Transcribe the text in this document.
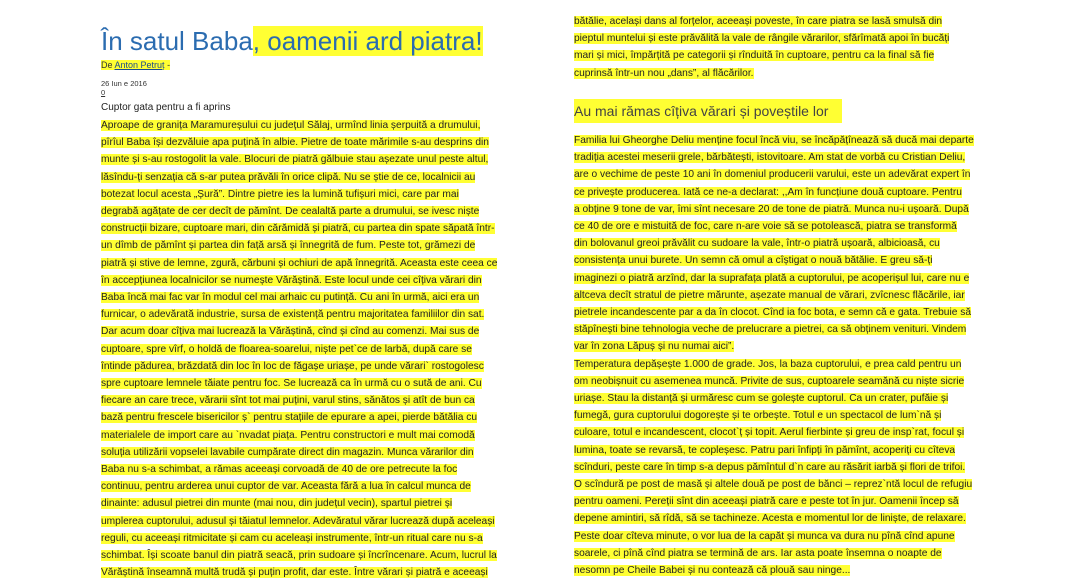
În satul Baba, oamenii ard piatra!
De Anton Petruț -
26 Iun e 2016
0
Cuptor gata pentru a fi aprins
Aproape de granița Maramureșului cu județul Sălaj, urmînd linia șerpuită a drumului,
pîrîul Baba își dezvăluie apa puțină în albie. Pietre de toate mărimile s-au desprins din
munte și s-au rostogolit la vale. Blocuri de piatră gălbuie stau așezate unul peste altul,
lăsîndu-ți senzația că s-ar putea prăvăli în orice clipă. Nu se știe de ce, localnicii au
botezat locul acesta „Șură”. Dintre pietre ies la lumină tufișuri mici, care par mai
degrabă agățate de cer decît de pămînt. De cealaltă parte a drumului, se ivesc niște
construcții bizare, cuptoare mari, din cărămidă și piatră, cu partea din spate săpată într-
un dîmb de pămînt și partea din față arsă și înnegrită de fum. Peste tot, grămezi de
piatră și stive de lemne, zgură, cărbuni și ochiuri de apă înnegrită. Aceasta este ceea ce
în accepțiunea localnicilor se numește Vărăștină. Este locul unde cei cîțiva vărari din
Baba încă mai fac var în modul cel mai arhaic cu putință. Cu ani în urmă, aici era un
furnicar, o adevărată industrie, sursa de existență pentru majoritatea familiilor din sat.
Dar acum doar cîțiva mai lucrează la Vărăștină, cînd și cînd au comenzi. Mai sus de
cuptoare, spre vîrf, o holdă de floarea-soarelui, niște pet`ce de larbă, după care se
întinde pădurea, brăzdată din loc în loc de făgașe uriașe, pe unde vărari` rostogolesc
spre cuptoare lemnele tăiate pentru foc. Se lucrează ca în urmă cu o sută de ani. Cu
fiecare an care trece, vărarii sînt tot mai puțini, varul stins, sănătos și atît de bun ca
bază pentru frescele bisericilor ș` pentru stațiile de epurare a apei, pierde bătălia cu
materialele de import care au `nvadat piața. Pentru constructori e mult mai comodă
soluția utilizării vopselei lavabile cumpărate direct din magazin. Munca vărarilor din
Baba nu s-a schimbat, a rămas aceeași corvoadă de 40 de ore petrecute la foc
continuu, pentru arderea unui cuptor de var. Aceasta fără a lua în calcul munca de
dinainte: adusul pietrei din munte (mai nou, din județul vecin), spartul pietrei și
umplerea cuptorului, adusul și tăiatul lemnelor. Adevăratul vărar lucrează după aceleași
reguli, cu aceeași ritmicitate și cam cu aceleași instrumente, într-un ritual care nu s-a
schimbat. Își scoate banul din piatră seacă, prin sudoare și încrîncenare. Acum, lucrul la
Vărăștină înseamnă multă trudă și puțin profit, dar este. Între vărari și piatră e aceeași
bătălie, același dans al forțelor, aceeași poveste, în care piatra se lasă smulsă din
pieptul muntelui și este prăvălită la vale de rângile vărarilor, sfărîmată apoi în bucăți
mari și mici, împărțită pe categorii și rînduită în cuptoare, pentru ca la final să fie
cuprinsă într-un nou „dans”, al flăcărilor.
Au mai rămas cîțiva vărari și poveștile lor
Familia lui Gheorghe Deliu menține focul încă viu, se încăpățînează să ducă mai departe
tradiția acestei meserii grele, bărbătești, istovitoare. Am stat de vorbă cu Cristian Deliu,
are o vechime de peste 10 ani în domeniul producerii varului, este un adevărat expert în
ce privește producerea. Iată ce ne-a declarat: ,,Am în funcțiune două cuptoare. Pentru
a obține 9 tone de var, îmi sînt necesare 20 de tone de piatră. Munca nu-i ușoară. După
ce 40 de ore e mistuită de foc, care n-are voie să se potolească, piatra se transformă
din bolovanul greoi prăvălit cu sudoare la vale, într-o piatră ușoară, albicioasă, cu
consistența unui burete. Un semn că omul a cîștigat o nouă bătălie. E greu să-ți
imaginezi o piatră arzînd, dar la suprafața plată a cuptorului, pe acoperișul lui, care nu e
altceva decît stratul de pietre mărunte, așezate manual de vărari, zvîcnesc flăcările, iar
pietrele incandescente par a da în clocot. Cînd ia foc bota, e semn că e gata. Trebuie să
stăpînești bine tehnologia veche de prelucrare a pietrei, ca să obținem venituri. Vindem
var în zona Lăpuș și nu numai aici”.
Temperatura depășește 1.000 de grade. Jos, la baza cuptorului, e prea cald pentru un
om neobișnuit cu asemenea muncă. Privite de sus, cuptoarele seamănă cu niște sicrie
uriașe. Stau la distanță și urmăresc cum se golește cuptorul. Ca un crater, pufăie și
fumegă, gura cuptorului dogorește și te orbește. Totul e un spectacol de lum`nă și
culoare, totul e incandescent, clocot`ț și topit. Aerul fierbinte și greu de insp`rat, focul și
lumina, toate se revarsă, te copleșesc. Patru pari înfipți în pămînt, acoperiți cu cîteva
scînduri, peste care în timp s-a depus pămîntul d`n care au răsărit iarbă și flori de trifoi.
O scîndură pe post de masă și altele două pe post de bănci – reprez`ntă locul de refugiu
pentru oameni. Pereții sînt din aceeași piatră care e peste tot în jur. Oamenii încep să
depene amintiri, să rîdă, să se tachineze. Acesta e momentul lor de liniște, de relaxare.
Peste doar cîteva minute, o vor lua de la capăt și munca va dura nu pînă cînd apune
soarele, ci pînă cînd piatra se termină de ars. Iar asta poate însemna o noapte de
nesomn pe Cheile Babei și nu contează că plouă sau ninge...
